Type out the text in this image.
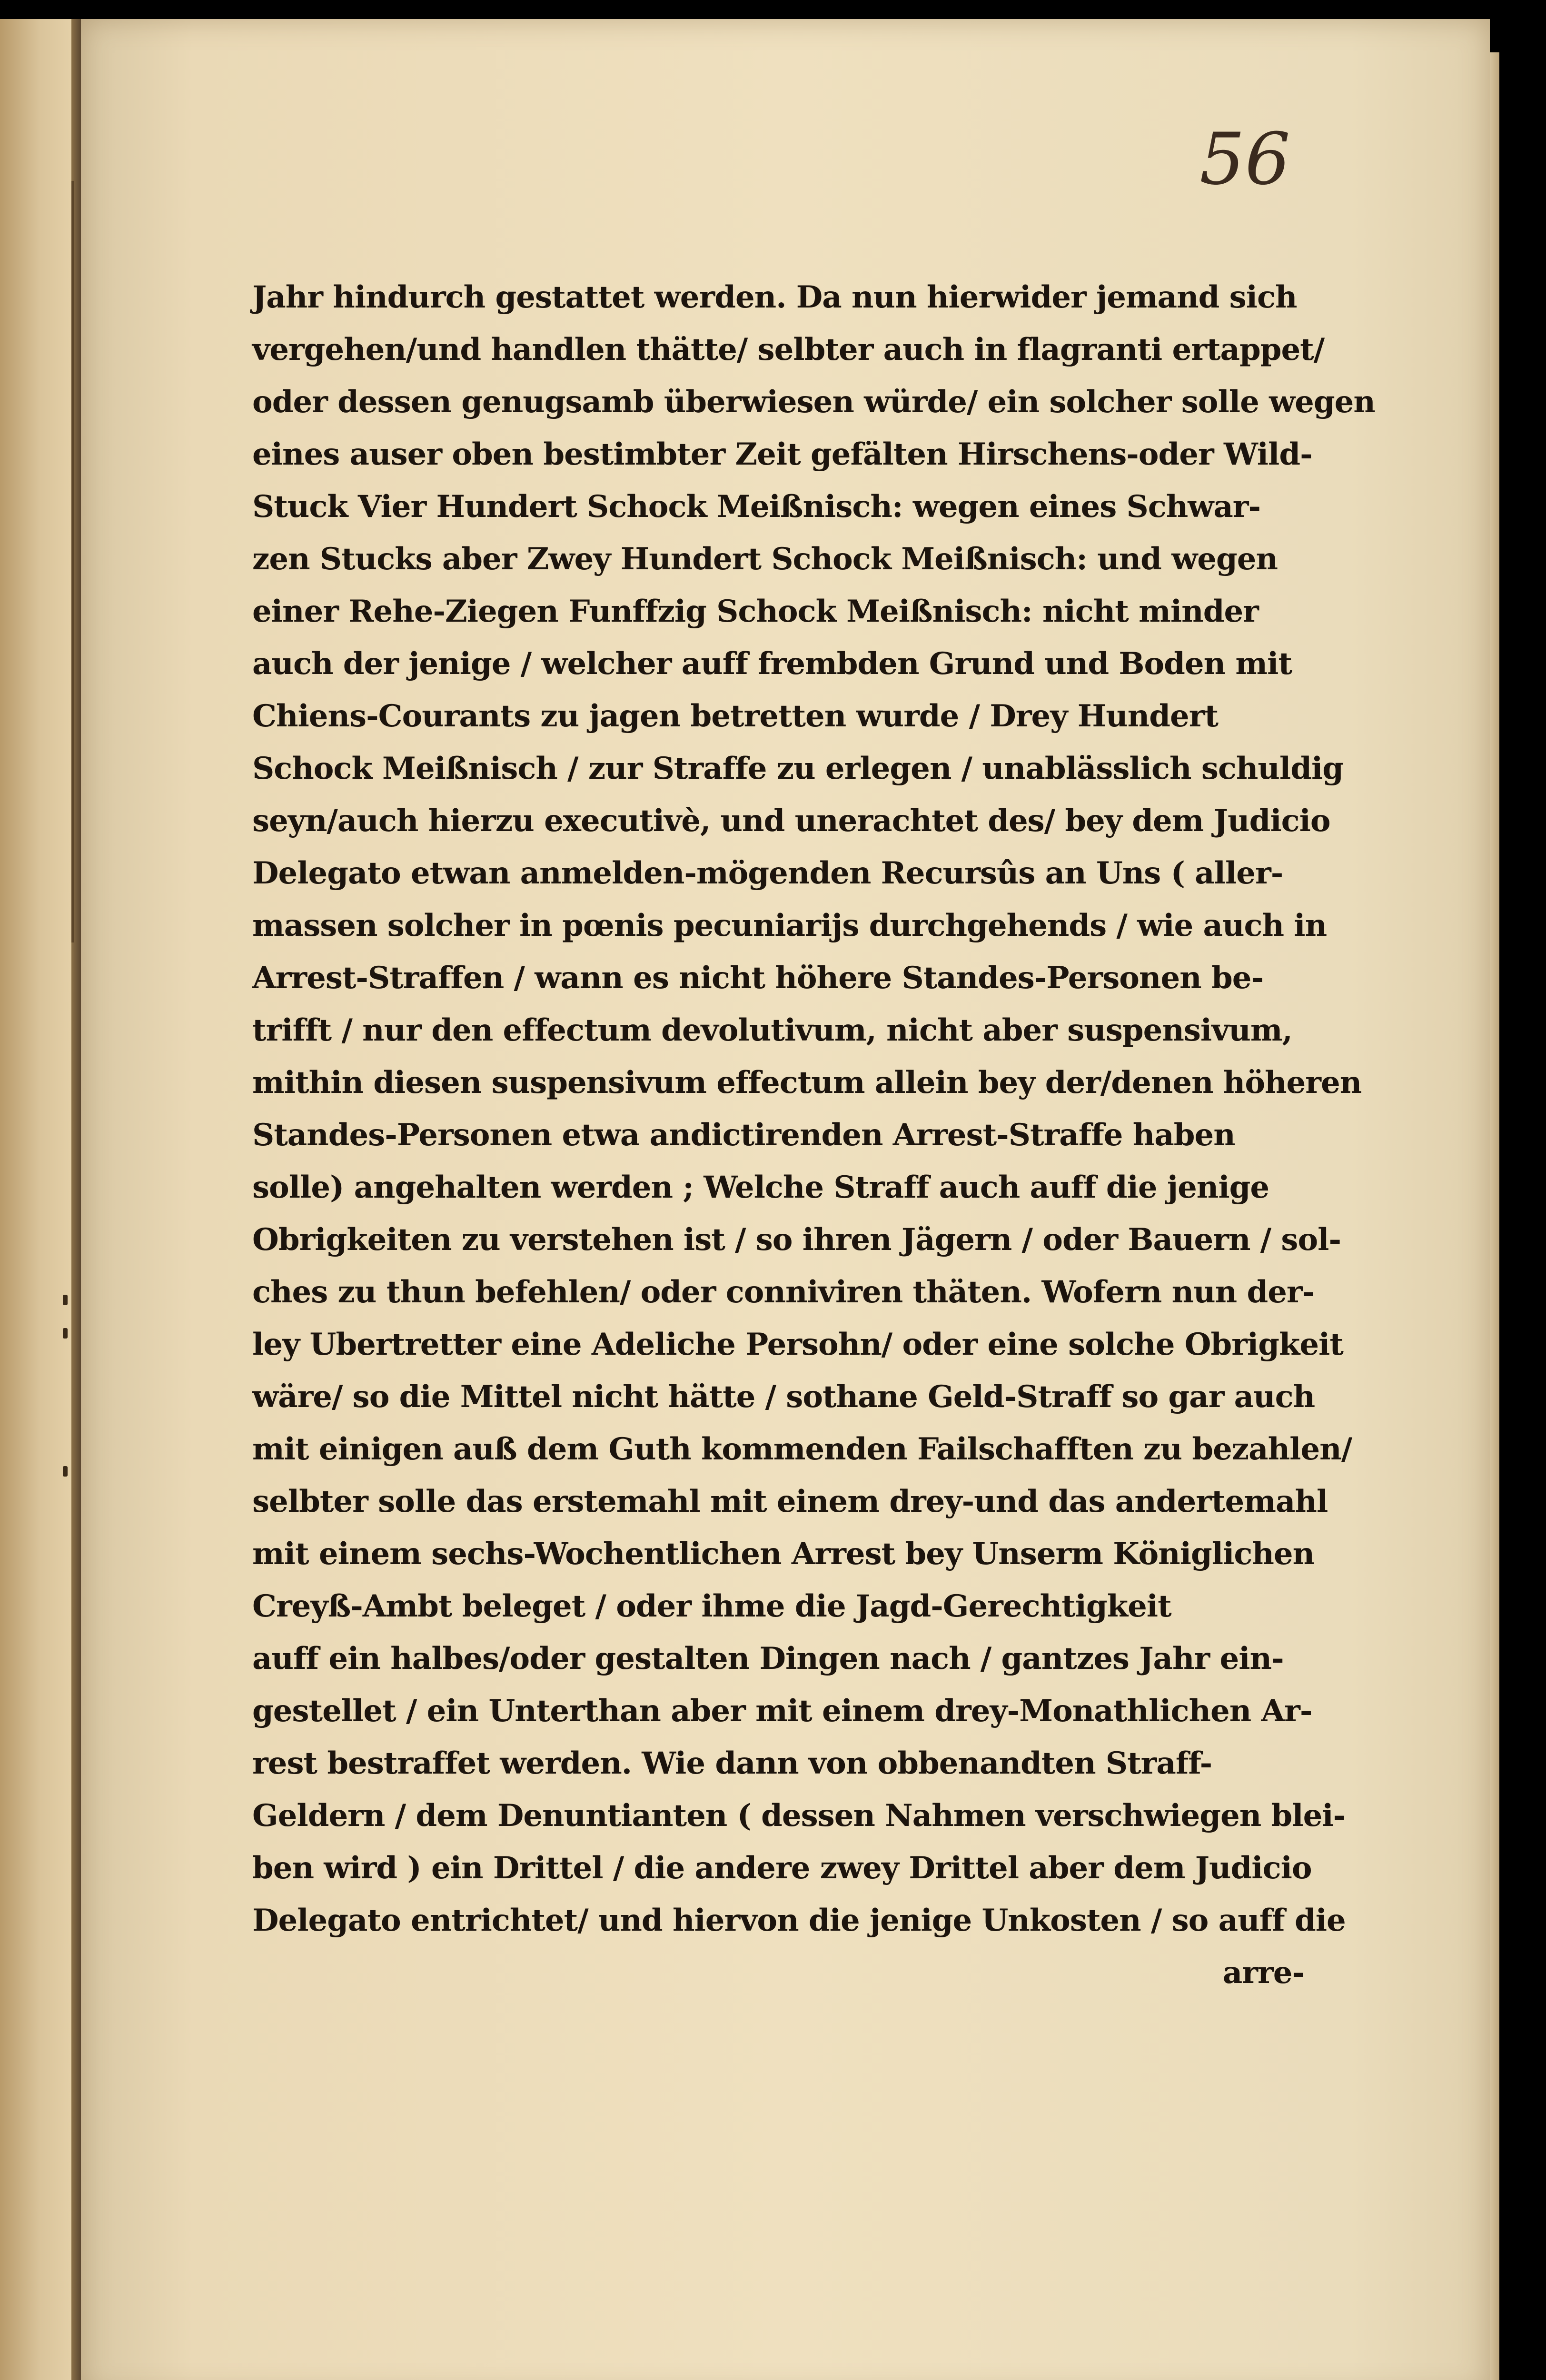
56
Jahr hindurch gestattet werden. Da nun hierwider jemand sich
vergehen/und handlen thätte/ selbter auch in flagranti ertappet/
oder dessen genugsamb überwiesen würde/ ein solcher solle wegen
eines auser oben bestimbter Zeit gefälten Hirschens-oder Wild-
Stuck Vier Hundert Schock Meißnisch: wegen eines Schwar-
zen Stucks aber Zwey Hundert Schock Meißnisch: und wegen
einer Rehe-Ziegen Funffzig Schock Meißnisch: nicht minder
auch der jenige / welcher auff frembden Grund und Boden mit
Chiens-Courants zu jagen betretten wurde / Drey Hundert
Schock Meißnisch / zur Straffe zu erlegen / unablässlich schuldig
seyn/auch hierzu executivè, und unerachtet des/ bey dem Judicio
Delegato etwan anmelden-mögenden Recursûs an Uns ( aller-
massen solcher in pœnis pecuniarijs durchgehends / wie auch in
Arrest-Straffen / wann es nicht höhere Standes-Personen be-
trifft / nur den effectum devolutivum, nicht aber suspensivum,
mithin diesen suspensivum effectum allein bey der/denen höheren
Standes-Personen etwa andictirenden Arrest-Straffe haben
solle) angehalten werden ; Welche Straff auch auff die jenige
Obrigkeiten zu verstehen ist / so ihren Jägern / oder Bauern / sol-
ches zu thun befehlen/ oder conniviren thäten. Wofern nun der-
ley Ubertretter eine Adeliche Persohn/ oder eine solche Obrigkeit
wäre/ so die Mittel nicht hätte / sothane Geld-Straff so gar auch
mit einigen auß dem Guth kommenden Failschafften zu bezahlen/
selbter solle das erstemahl mit einem drey-und das andertemahl
mit einem sechs-Wochentlichen Arrest bey Unserm Königlichen
Creyß-Ambt beleget / oder ihme die Jagd-Gerechtigkeit
auff ein halbes/oder gestalten Dingen nach / gantzes Jahr ein-
gestellet / ein Unterthan aber mit einem drey-Monathlichen Ar-
rest bestraffet werden. Wie dann von obbenandten Straff-
Geldern / dem Denuntianten ( dessen Nahmen verschwiegen blei-
ben wird ) ein Drittel / die andere zwey Drittel aber dem Judicio
Delegato entrichtet/ und hiervon die jenige Unkosten / so auff die
arre-
